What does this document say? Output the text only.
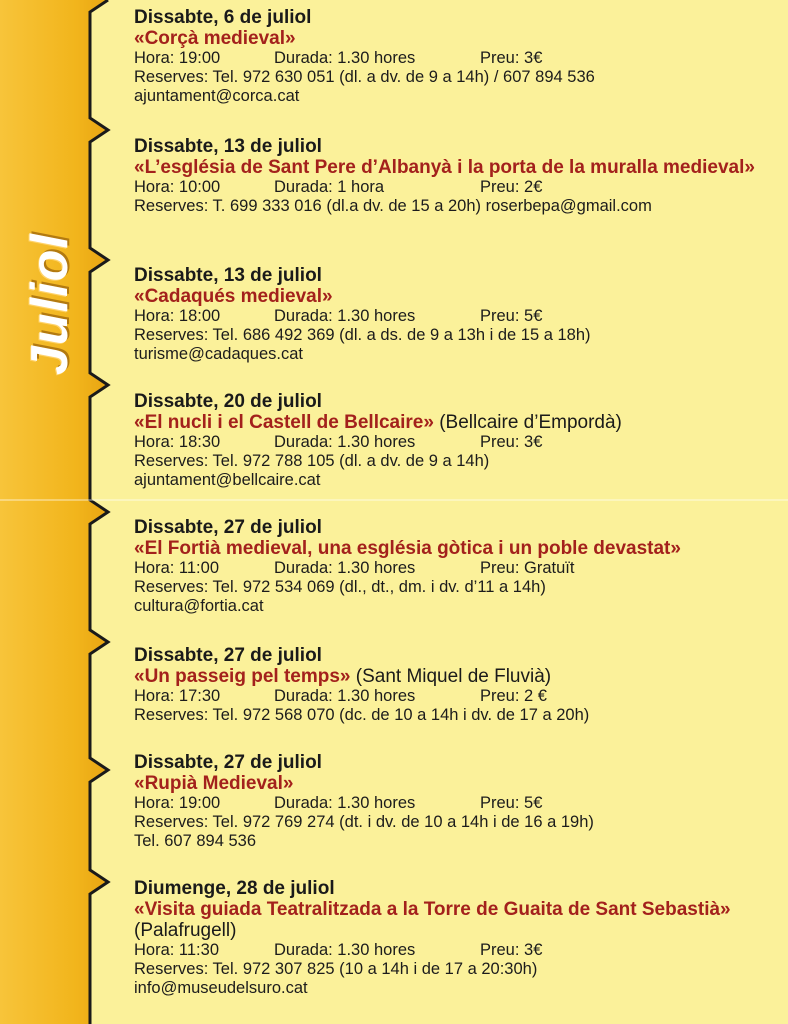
Juliol
Dissabte, 6 de juliol
«Corçà medieval»
Hora: 19:00	Durada: 1.30 hores	Preu: 3€
Reserves: Tel. 972 630 051 (dl. a dv. de 9 a 14h) / 607 894 536
ajuntament@corca.cat
Dissabte, 13 de juliol
«L’església de Sant Pere d’Albanyà i la porta de la muralla medieval»
Hora: 10:00	Durada: 1 hora	Preu: 2€
Reserves: T. 699 333 016 (dl.a dv. de 15 a 20h) roserbepa@gmail.com
Dissabte, 13 de juliol
«Cadaqués medieval»
Hora: 18:00	Durada: 1.30 hores	Preu: 5€
Reserves: Tel. 686 492 369 (dl. a ds. de 9 a 13h i de 15 a 18h)
turisme@cadaques.cat
Dissabte, 20 de juliol
«El nucli i el Castell de Bellcaire» (Bellcaire d’Empordà)
Hora: 18:30	Durada: 1.30 hores	Preu: 3€
Reserves: Tel. 972 788 105 (dl. a dv. de 9 a 14h)
ajuntament@bellcaire.cat
Dissabte, 27 de juliol
«El Fortià medieval, una església gòtica i un poble devastat»
Hora: 11:00	Durada: 1.30 hores	Preu: Gratuït
Reserves: Tel. 972 534 069 (dl., dt., dm. i dv. d’11 a 14h)
cultura@fortia.cat
Dissabte, 27 de juliol
«Un passeig pel temps» (Sant Miquel de Fluvià)
Hora: 17:30	Durada: 1.30 hores	Preu: 2 €
Reserves: Tel. 972 568 070 (dc. de 10 a 14h i dv. de 17 a 20h)
Dissabte, 27 de juliol
«Rupià Medieval»
Hora: 19:00	Durada: 1.30 hores	Preu: 5€
Reserves: Tel. 972 769 274 (dt. i dv. de 10 a 14h i de 16 a 19h)
Tel. 607 894 536
Diumenge, 28 de juliol
«Visita guiada Teatralitzada a la Torre de Guaita de Sant Sebastià» (Palafrugell)
Hora: 11:30	Durada: 1.30 hores	Preu: 3€
Reserves: Tel. 972 307 825 (10 a 14h i de 17 a 20:30h)
info@museudelsuro.cat
